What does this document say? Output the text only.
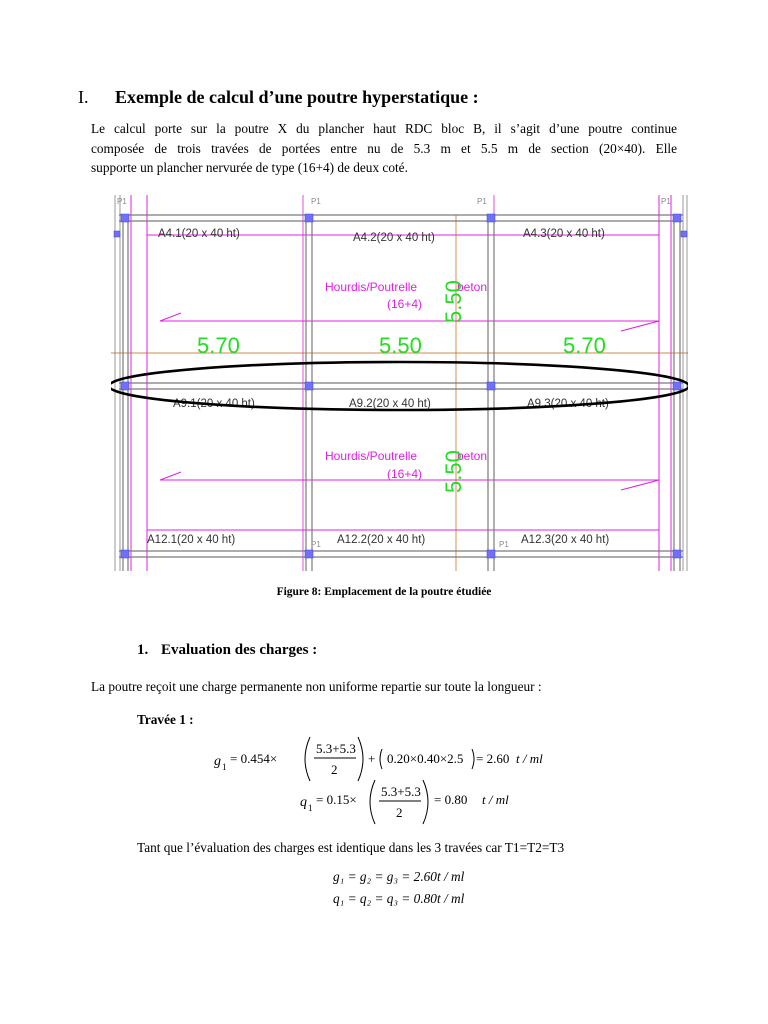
I. Exemple de calcul d’une poutre hyperstatique :
Le calcul porte sur la poutre X du plancher haut RDC bloc B, il s’agit d’une poutre continue
composée de trois travées de portées entre nu de 5.3 m et 5.5 m de section (20×40). Elle
supporte un plancher nervurée de type (16+4) de deux coté.
P1	P1	P1	P1
P1	P1
A4.1(20 x 40 ht)	A4.2(20 x 40 ht)	A4.3(20 x 40 ht)
A9.1(20 x 40 ht)	A9.2(20 x 40 ht)	A9.3(20 x 40 ht)
A12.1(20 x 40 ht)	A12.2(20 x 40 ht)	A12.3(20 x 40 ht)
Hourdis/Poutrelle	beton
(16+4)
Hourdis/Poutrelle	beton
(16+4)
5.70	5.50	5.70
5.50
5.50
Figure 8: Emplacement de la poutre étudiée
1. Evaluation des charges :
La poutre reçoit une charge permanente non uniforme repartie sur toute la longueur :
Travée 1 :
g 1
= 0.454×
5.3+5.3
2
+ 0.20×0.40×2.5 = 2.60 t / ml
q 1
= 0.15×
5.3+5.3
2
= 0.80 t / ml
Tant que l’évaluation des charges est identique dans les 3 travées car T1=T2=T3
g₁ = g₂ = g₃ = 2.60t / ml
q₁ = q₂ = q₃ = 0.80t / ml
